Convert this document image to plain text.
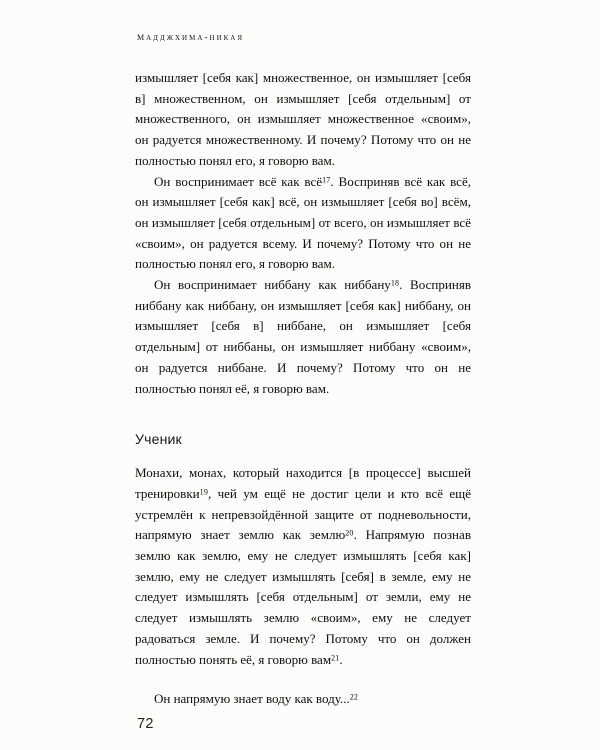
мадджхима-никая

измышляет [себя как] множественное, он измышляет [себя в] множественном, он измышляет [себя отдельным] от множественного, он измышляет множественное «своим», он радуется множественному. И почему? Потому что он не полностью понял его, я говорю вам.

Он воспринимает всё как всё$^{17}$. Восприняв всё как всё, он измышляет [себя как] всё, он измышляет [себя во] всём, он измышляет [себя отдельным] от всего, он измышляет всё «своим», он радуется всему. И почему? Потому что он не полностью понял его, я говорю вам.

Он воспринимает ниббану как ниббану$^{18}$. Восприняв ниббану как ниббану, он измышляет [себя как] ниббану, он измышляет [себя в] ниббане, он измышляет [себя отдельным] от ниббаны, он измышляет ниббану «своим», он радуется ниббане. И почему? Потому что он не полностью понял её, я говорю вам.

Ученик

Монахи, монах, который находится [в процессе] высшей тренировки$^{19}$, чей ум ещё не достиг цели и кто всё ещё устремлён к непревзойдённой защите от подневольности, напрямую знает землю как землю$^{20}$. Напрямую познав землю как землю, ему не следует измышлять [себя как] землю, ему не следует измышлять [себя] в земле, ему не следует измышлять [себя отдельным] от земли, ему не следует измышлять землю «своим», ему не следует радоваться земле. И почему? Потому что он должен полностью понять её, я говорю вам$^{21}$.

Он напрямую знает воду как воду...$^{22}$

72
